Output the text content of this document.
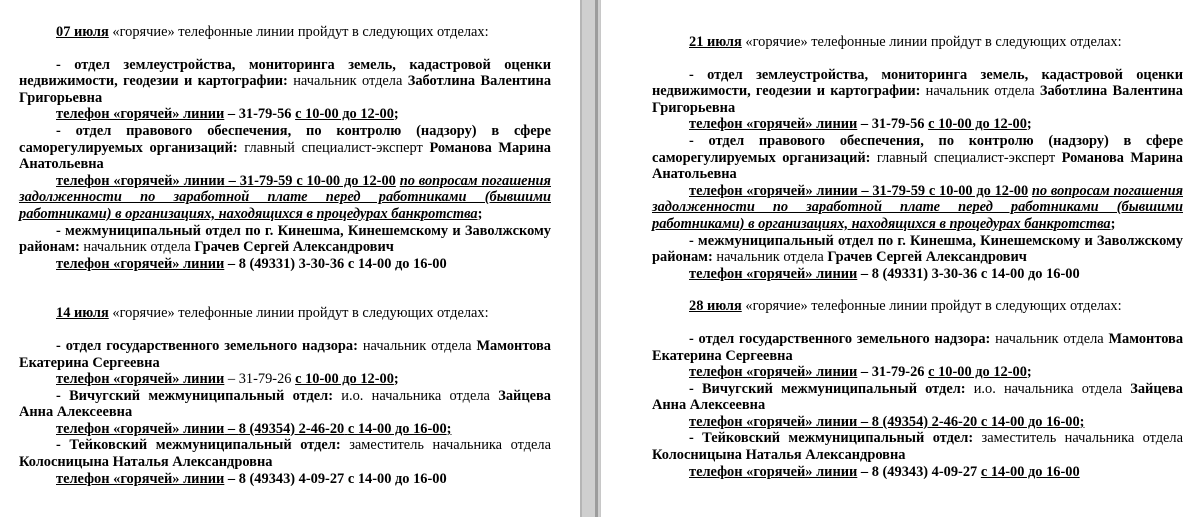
07 июля «горячие» телефонные линии пройдут в следующих отделах:

- отдел землеустройства, мониторинга земель, кадастровой оценки недвижимости, геодезии и картографии: начальник отдела Заботлина Валентина Григорьевна

телефон «горячей» линии – 31-79-56 с 10-00 до 12-00;

- отдел правового обеспечения, по контролю (надзору) в сфере саморегулируемых организаций: главный специалист-эксперт Романова Марина Анатольевна

телефон «горячей» линии – 31-79-59 с 10-00 до 12-00 по вопросам погашения задолженности по заработной плате перед работниками (бывшими работниками) в организациях, находящихся в процедурах банкротства;

- межмуниципальный отдел по г. Кинешма, Кинешемскому и Заволжскому районам: начальник отдела Грачев Сергей Александрович

телефон «горячей» линии – 8 (49331) 3-30-36 с 14-00 до 16-00

14 июля «горячие» телефонные линии пройдут в следующих отделах:

- отдел государственного земельного надзора: начальник отдела Мамонтова Екатерина Сергеевна

телефон «горячей» линии – 31-79-26 с 10-00 до 12-00;

- Вичугский межмуниципальный отдел: и.о. начальника отдела Зайцева Анна Алексеевна

телефон «горячей» линии – 8 (49354) 2-46-20 с 14-00 до 16-00;

- Тейковский межмуниципальный отдел: заместитель начальника отдела Колосницына Наталья Александровна

телефон «горячей» линии – 8 (49343) 4-09-27 с 14-00 до 16-00

21 июля «горячие» телефонные линии пройдут в следующих отделах:

- отдел землеустройства, мониторинга земель, кадастровой оценки недвижимости, геодезии и картографии: начальник отдела Заботлина Валентина Григорьевна

телефон «горячей» линии – 31-79-56 с 10-00 до 12-00;

- отдел правового обеспечения, по контролю (надзору) в сфере саморегулируемых организаций: главный специалист-эксперт Романова Марина Анатольевна

телефон «горячей» линии – 31-79-59 с 10-00 до 12-00 по вопросам погашения задолженности по заработной плате перед работниками (бывшими работниками) в организациях, находящихся в процедурах банкротства;

- межмуниципальный отдел по г. Кинешма, Кинешемскому и Заволжскому районам: начальник отдела Грачев Сергей Александрович

телефон «горячей» линии – 8 (49331) 3-30-36 с 14-00 до 16-00

28 июля «горячие» телефонные линии пройдут в следующих отделах:

- отдел государственного земельного надзора: начальник отдела Мамонтова Екатерина Сергеевна

телефон «горячей» линии – 31-79-26 с 10-00 до 12-00;

- Вичугский межмуниципальный отдел: и.о. начальника отдела Зайцева Анна Алексеевна

телефон «горячей» линии – 8 (49354) 2-46-20 с 14-00 до 16-00;

- Тейковский межмуниципальный отдел: заместитель начальника отдела Колосницына Наталья Александровна

телефон «горячей» линии – 8 (49343) 4-09-27 с 14-00 до 16-00
